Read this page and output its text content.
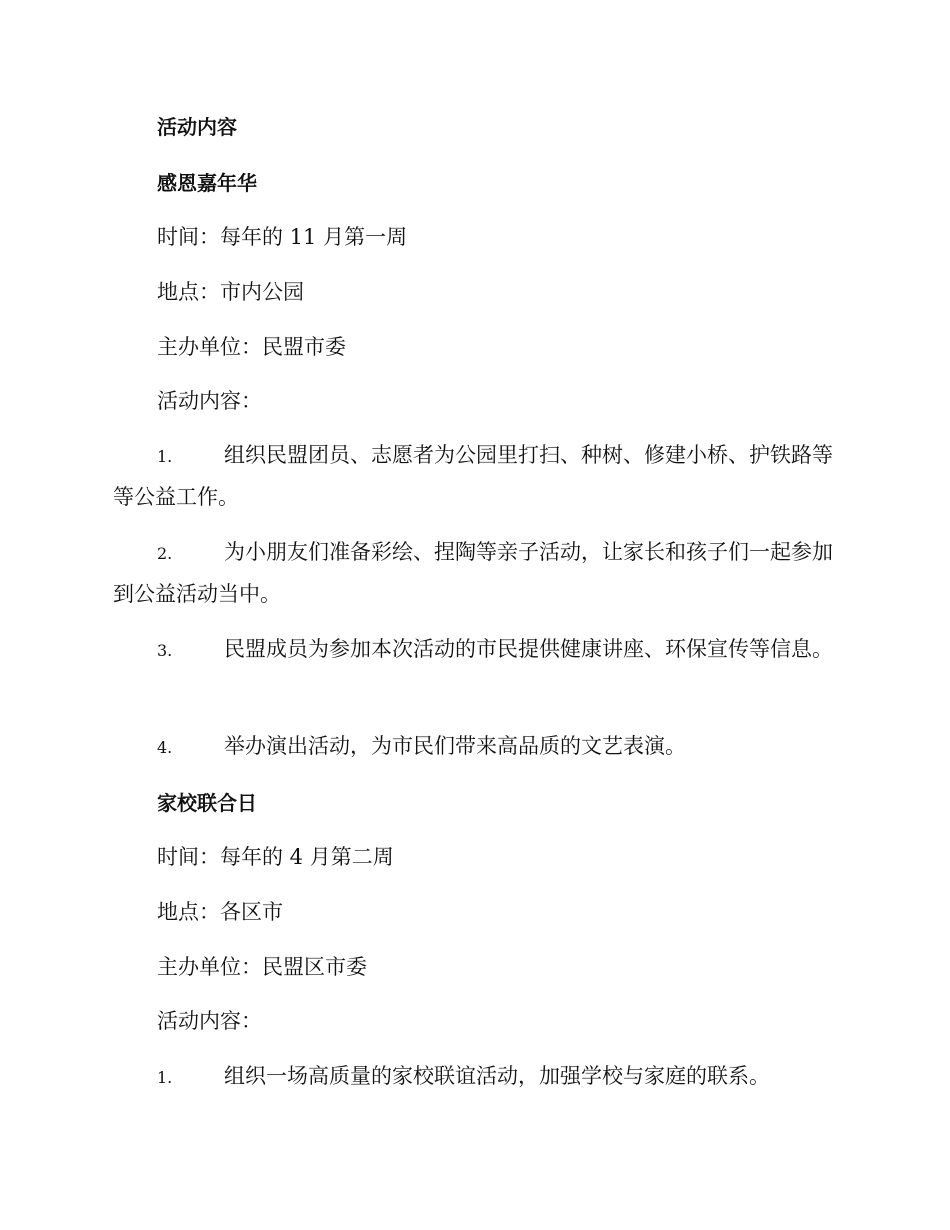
活动内容
感恩嘉年华
时间：每年的 11 月第一周
地点：市内公园
主办单位：民盟市委
活动内容：
1. 组织民盟团员、志愿者为公园里打扫、种树、修建小桥、护铁路等等公益工作。
2. 为小朋友们准备彩绘、捏陶等亲子活动，让家长和孩子们一起参加到公益活动当中。
3. 民盟成员为参加本次活动的市民提供健康讲座、环保宣传等信息。
4. 举办演出活动，为市民们带来高品质的文艺表演。
家校联合日
时间：每年的 4 月第二周
地点：各区市
主办单位：民盟区市委
活动内容：
1. 组织一场高质量的家校联谊活动，加强学校与家庭的联系。
